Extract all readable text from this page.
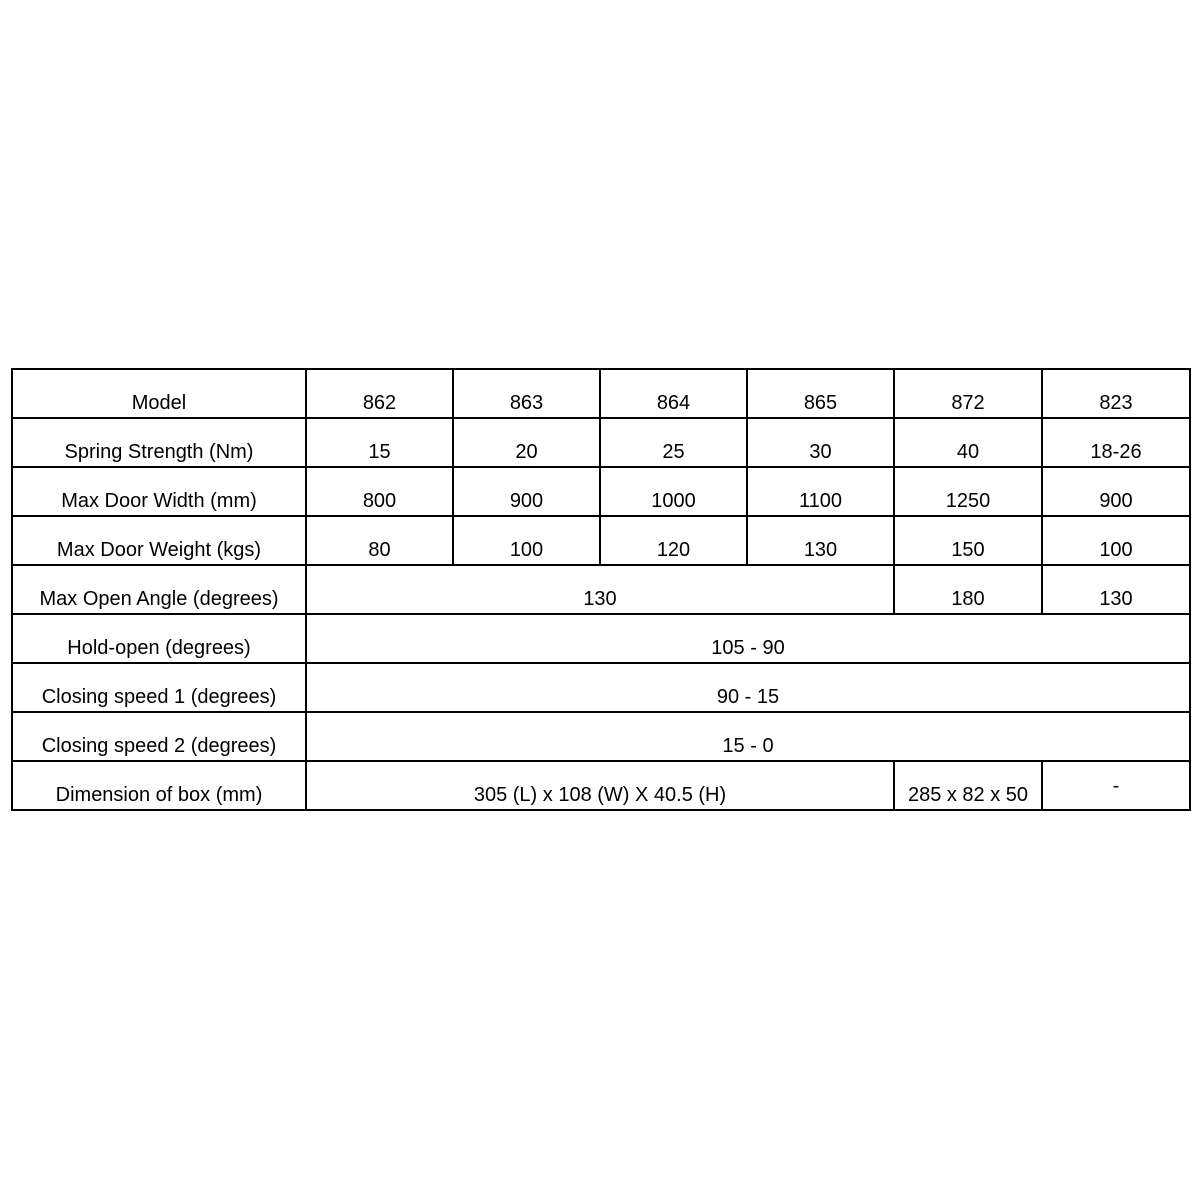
Model	862	863	864	865	872	823
Spring Strength (Nm)	15	20	25	30	40	18-26
Max Door Width (mm)	800	900	1000	1100	1250	900
Max Door Weight (kgs)	80	100	120	130	150	100
Max Open Angle (degrees)	130				180	130
Hold-open (degrees)	105 - 90					
Closing speed 1 (degrees)	90 - 15					
Closing speed 2 (degrees)	15 - 0					
Dimension of box (mm)	305 (L) x 108 (W) X 40.5 (H)				285 x 82 x 50	-
